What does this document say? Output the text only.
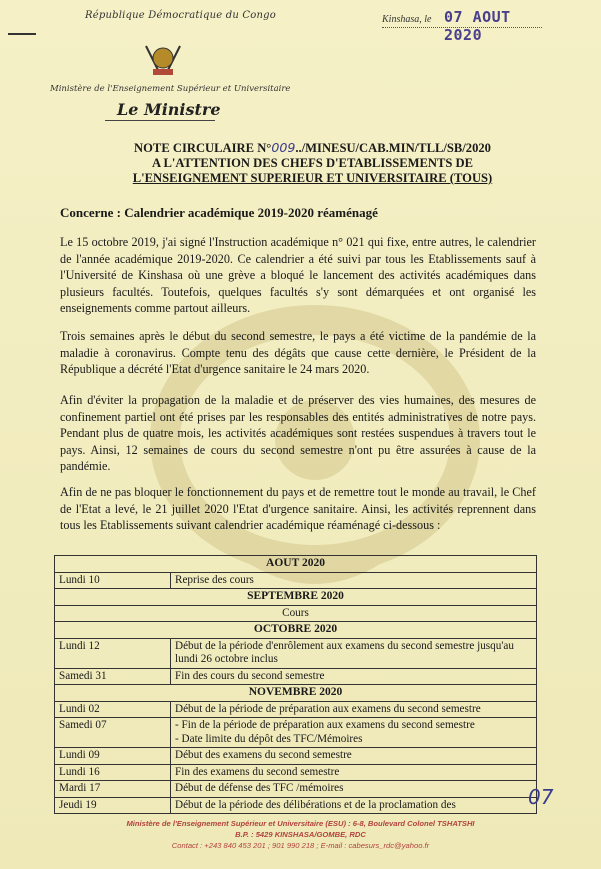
République Démocratique du Congo	Kinshasa, le 07 AOUT 2020
Ministère de l'Enseignement Supérieur et Universitaire
Le Ministre
NOTE CIRCULAIRE N°009../MINESU/CAB.MIN/TLL/SB/2020
A L'ATTENTION DES CHEFS D'ETABLISSEMENTS DE
L'ENSEIGNEMENT SUPERIEUR ET UNIVERSITAIRE (TOUS)
Concerne : Calendrier académique 2019-2020 réaménagé
Le 15 octobre 2019, j'ai signé l'Instruction académique n° 021 qui fixe, entre autres, le calendrier de l'année académique 2019-2020. Ce calendrier a été suivi par tous les Etablissements sauf à l'Université de Kinshasa où une grève a bloqué le lancement des activités académiques dans plusieurs facultés. Toutefois, quelques facultés s'y sont démarquées et ont organisé les enseignements comme partout ailleurs.
Trois semaines après le début du second semestre, le pays a été victime de la pandémie de la maladie à coronavirus. Compte tenu des dégâts que cause cette dernière, le Président de la République a décrété l'Etat d'urgence sanitaire le 24 mars 2020.
Afin d'éviter la propagation de la maladie et de préserver des vies humaines, des mesures de confinement partiel ont été prises par les responsables des entités administratives de notre pays. Pendant plus de quatre mois, les activités académiques sont restées suspendues à travers tout le pays. Ainsi, 12 semaines de cours du second semestre n'ont pu être assurées à cause de la pandémie.
Afin de ne pas bloquer le fonctionnement du pays et de remettre tout le monde au travail, le Chef de l'Etat a levé, le 21 juillet 2020 l'Etat d'urgence sanitaire. Ainsi, les activités reprennent dans tous les Etablissements suivant calendrier académique réaménagé ci-dessous :
AOUT 2020	
Lundi 10	Reprise des cours
SEPTEMBRE 2020	
Cours	
OCTOBRE 2020	
Lundi 12	Début de la période d'enrôlement aux examens du second semestre jusqu'au lundi 26 octobre inclus
Samedi 31	Fin des cours du second semestre
NOVEMBRE 2020	
Lundi 02	Début de la période de préparation aux examens du second semestre
Samedi 07	- Fin de la période de préparation aux examens du second semestre
- Date limite du dépôt des TFC/Mémoires

Lundi 09	Début des examens du second semestre
Lundi 16	Fin des examens du second semestre
Mardi 17	Début de défense des TFC /mémoires
Jeudi 19	Début de la période des délibérations et de la proclamation des	07
Ministère de l'Enseignement Supérieur et Universitaire (ESU) : 6-8, Boulevard Colonel TSHATSHI
B.P. : 5429 KINSHASA/GOMBE, RDC
Contact : +243 840 453 201 ; 901 990 218 ; E-mail : cabesurs_rdc@yahoo.fr
